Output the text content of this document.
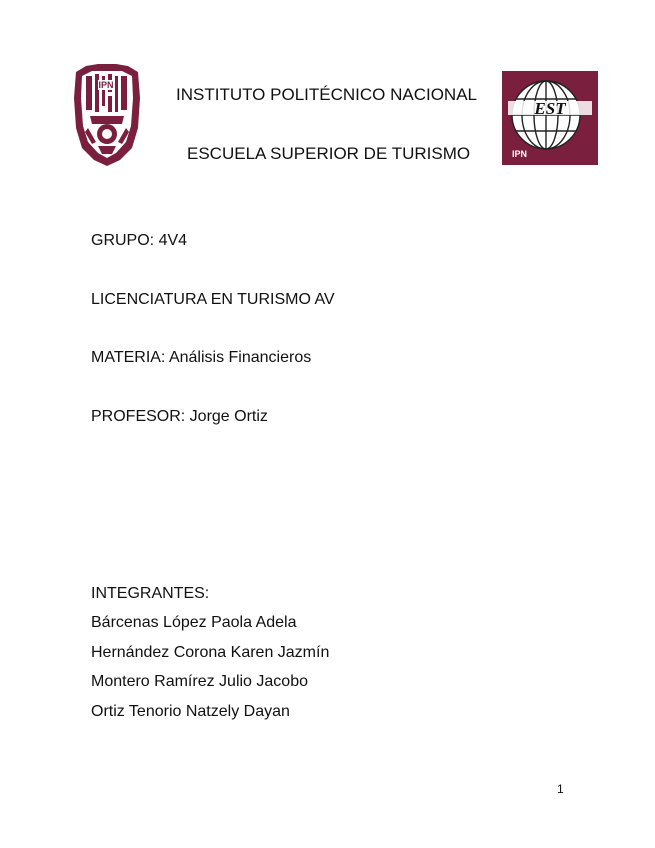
IPN	INSTITUTO POLITÉCNICO NACIONAL
ESCUELA SUPERIOR DE TURISMO
EST
IPN
GRUPO: 4V4
LICENCIATURA EN TURISMO AV
MATERIA: Análisis Financieros
PROFESOR: Jorge Ortiz
INTEGRANTES:
Bárcenas López Paola Adela
Hernández Corona Karen Jazmín
Montero Ramírez Julio Jacobo
Ortiz Tenorio Natzely Dayan
1
